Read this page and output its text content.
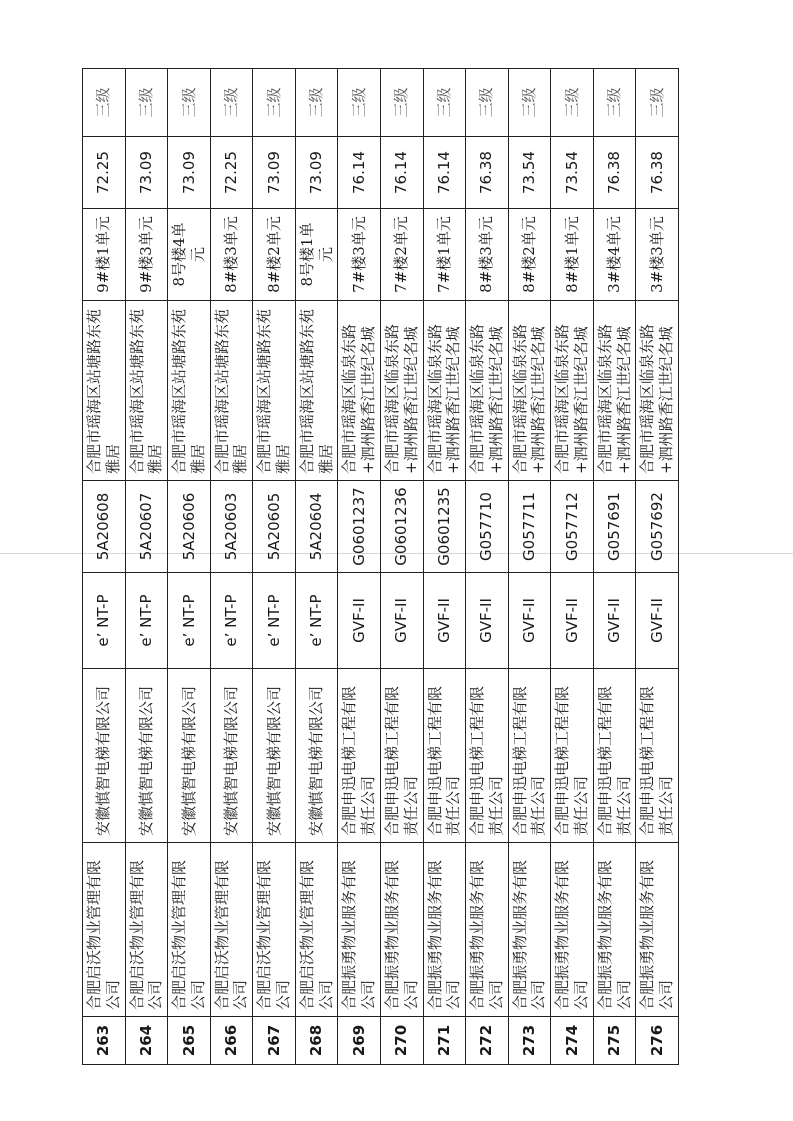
263	合肥启沃物业管理有限公司	安徽慎智电梯有限公司	e’ NT-P	5A20608	合肥市瑶海区站塘路东苑雅居	9#楼1单元	72.25	三级
264	合肥启沃物业管理有限公司	安徽慎智电梯有限公司	e’ NT-P	5A20607	合肥市瑶海区站塘路东苑雅居	9#楼3单元	73.09	三级
265	合肥启沃物业管理有限公司	安徽慎智电梯有限公司	e’ NT-P	5A20606	合肥市瑶海区站塘路东苑雅居	8号楼4单元	73.09	三级
266	合肥启沃物业管理有限公司	安徽慎智电梯有限公司	e’ NT-P	5A20603	合肥市瑶海区站塘路东苑雅居	8#楼3单元	72.25	三级
267	合肥启沃物业管理有限公司	安徽慎智电梯有限公司	e’ NT-P	5A20605	合肥市瑶海区站塘路东苑雅居	8#楼2单元	73.09	三级
268	合肥启沃物业管理有限公司	安徽慎智电梯有限公司	e’ NT-P	5A20604	合肥市瑶海区站塘路东苑雅居	8号楼1单元	73.09	三级
269	合肥振勇物业服务有限公司	合肥申迅电梯工程有限责任公司	GVF-II	G0601237	合肥市瑶海区临泉东路+泗州路香江世纪名城	7#楼3单元	76.14	三级
270	合肥振勇物业服务有限公司	合肥申迅电梯工程有限责任公司	GVF-II	G0601236	合肥市瑶海区临泉东路+泗州路香江世纪名城	7#楼2单元	76.14	三级
271	合肥振勇物业服务有限公司	合肥申迅电梯工程有限责任公司	GVF-II	G0601235	合肥市瑶海区临泉东路+泗州路香江世纪名城	7#楼1单元	76.14	三级
272	合肥振勇物业服务有限公司	合肥申迅电梯工程有限责任公司	GVF-II	G057710	合肥市瑶海区临泉东路+泗州路香江世纪名城	8#楼3单元	76.38	三级
273	合肥振勇物业服务有限公司	合肥申迅电梯工程有限责任公司	GVF-II	G057711	合肥市瑶海区临泉东路+泗州路香江世纪名城	8#楼2单元	73.54	三级
274	合肥振勇物业服务有限公司	合肥申迅电梯工程有限责任公司	GVF-II	G057712	合肥市瑶海区临泉东路+泗州路香江世纪名城	8#楼1单元	73.54	三级
275	合肥振勇物业服务有限公司	合肥申迅电梯工程有限责任公司	GVF-II	G057691	合肥市瑶海区临泉东路+泗州路香江世纪名城	3#楼4单元	76.38	三级
276	合肥振勇物业服务有限公司	合肥申迅电梯工程有限责任公司	GVF-II	G057692	合肥市瑶海区临泉东路+泗州路香江世纪名城	3#楼3单元	76.38	三级
